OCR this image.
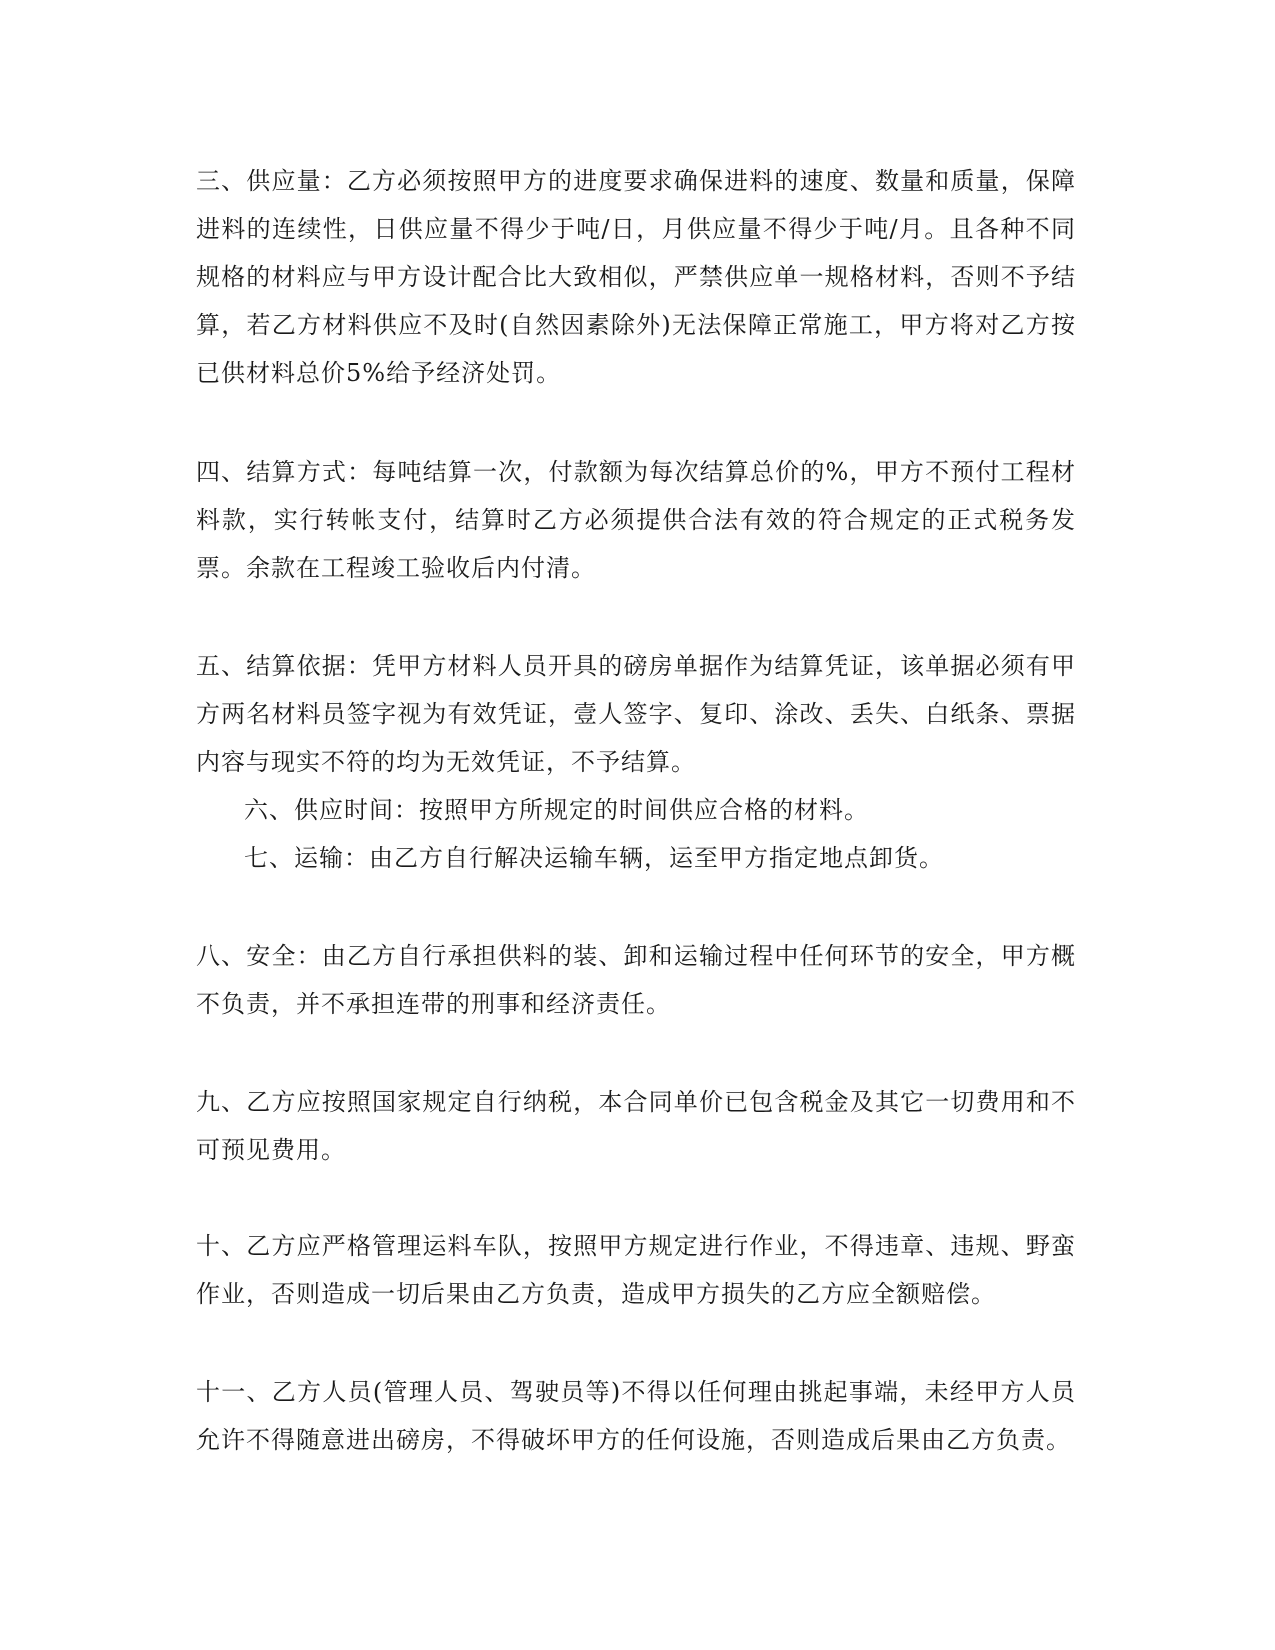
三、供应量：乙方必须按照甲方的进度要求确保进料的速度、数量和质量，保障进料的连续性，日供应量不得少于吨/日，月供应量不得少于吨/月。且各种不同规格的材料应与甲方设计配合比大致相似，严禁供应单一规格材料，否则不予结算，若乙方材料供应不及时(自然因素除外)无法保障正常施工，甲方将对乙方按已供材料总价5%给予经济处罚。

四、结算方式：每吨结算一次，付款额为每次结算总价的%，甲方不预付工程材料款，实行转帐支付，结算时乙方必须提供合法有效的符合规定的正式税务发票。余款在工程竣工验收后内付清。

五、结算依据：凭甲方材料人员开具的磅房单据作为结算凭证，该单据必须有甲方两名材料员签字视为有效凭证，壹人签字、复印、涂改、丢失、白纸条、票据内容与现实不符的均为无效凭证，不予结算。

六、供应时间：按照甲方所规定的时间供应合格的材料。

七、运输：由乙方自行解决运输车辆，运至甲方指定地点卸货。

八、安全：由乙方自行承担供料的装、卸和运输过程中任何环节的安全，甲方概不负责，并不承担连带的刑事和经济责任。

九、乙方应按照国家规定自行纳税，本合同单价已包含税金及其它一切费用和不可预见费用。

十、乙方应严格管理运料车队，按照甲方规定进行作业，不得违章、违规、野蛮作业，否则造成一切后果由乙方负责，造成甲方损失的乙方应全额赔偿。

十一、乙方人员(管理人员、驾驶员等)不得以任何理由挑起事端，未经甲方人员允许不得随意进出磅房，不得破坏甲方的任何设施，否则造成后果由乙方负责。
